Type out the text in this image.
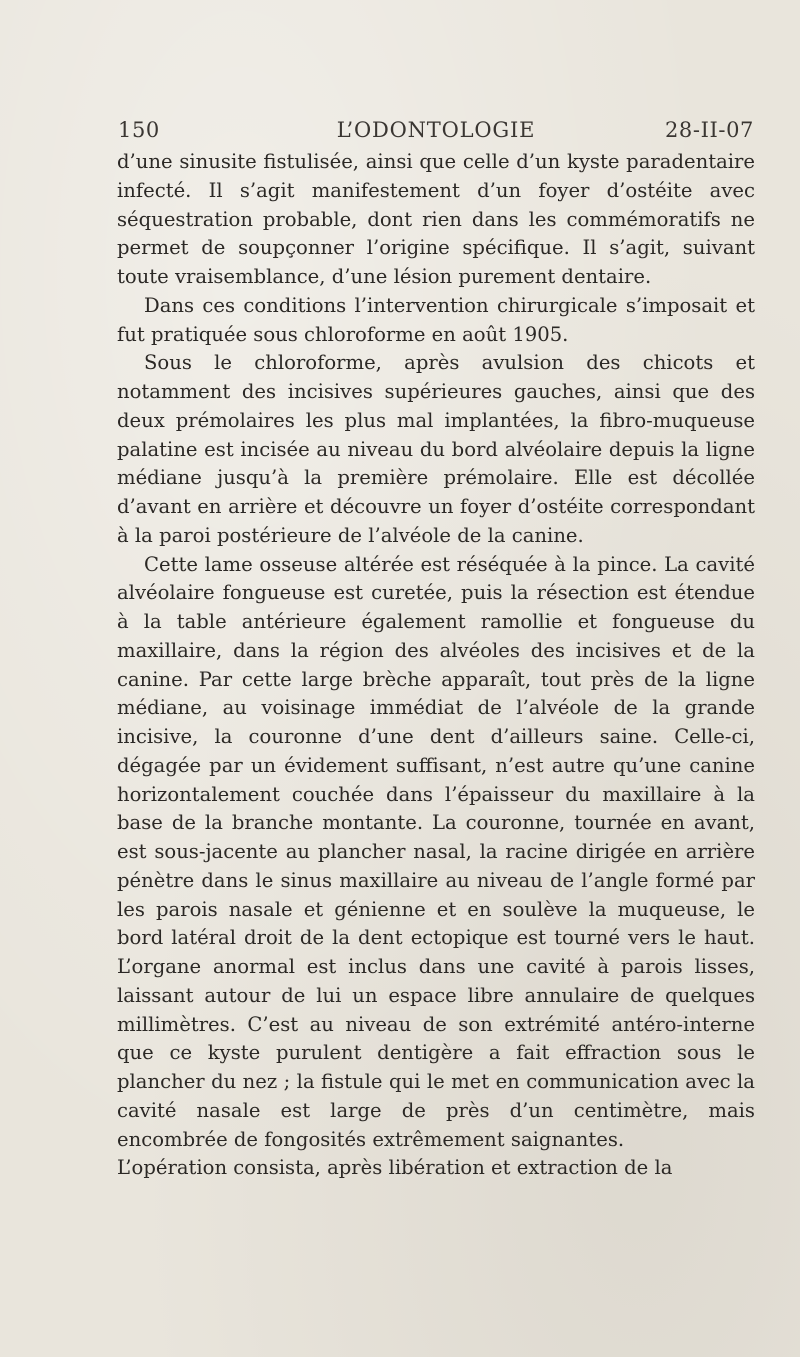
150	L’ODONTOLOGIE	28-II-07

d’une sinusite fistulisée, ainsi que celle d’un kyste paradentaire infecté. Il s’agit manifestement d’un foyer d’ostéite avec séquestration probable, dont rien dans les commémoratifs ne permet de soupçonner l’origine spécifique. Il s’agit, suivant toute vraisemblance, d’une lésion purement dentaire.

Dans ces conditions l’intervention chirurgicale s’imposait et fut pratiquée sous chloroforme en août 1905.

Sous le chloroforme, après avulsion des chicots et notamment des incisives supérieures gauches, ainsi que des deux prémolaires les plus mal implantées, la fibro-muqueuse palatine est incisée au niveau du bord alvéolaire depuis la ligne médiane jusqu’à la première prémolaire. Elle est décollée d’avant en arrière et découvre un foyer d’ostéite correspondant à la paroi postérieure de l’alvéole de la canine.

Cette lame osseuse altérée est réséquée à la pince. La cavité alvéolaire fongueuse est curetée, puis la résection est étendue à la table antérieure également ramollie et fongueuse du maxillaire, dans la région des alvéoles des incisives et de la canine. Par cette large brèche apparaît, tout près de la ligne médiane, au voisinage immédiat de l’alvéole de la grande incisive, la couronne d’une dent d’ailleurs saine. Celle-ci, dégagée par un évidement suffisant, n’est autre qu’une canine horizontalement couchée dans l’épaisseur du maxillaire à la base de la branche montante. La couronne, tournée en avant, est sous-jacente au plancher nasal, la racine dirigée en arrière pénètre dans le sinus maxillaire au niveau de l’angle formé par les parois nasale et génienne et en soulève la muqueuse, le bord latéral droit de la dent ectopique est tourné vers le haut. L’organe anormal est inclus dans une cavité à parois lisses, laissant autour de lui un espace libre annulaire de quelques millimètres. C’est au niveau de son extrémité antéro-interne que ce kyste purulent dentigère a fait effraction sous le plancher du nez ; la fistule qui le met en communication avec la cavité nasale est large de près d’un centimètre, mais encombrée de fongosités extrêmement saignantes.

L’opération consista, après libération et extraction de la
